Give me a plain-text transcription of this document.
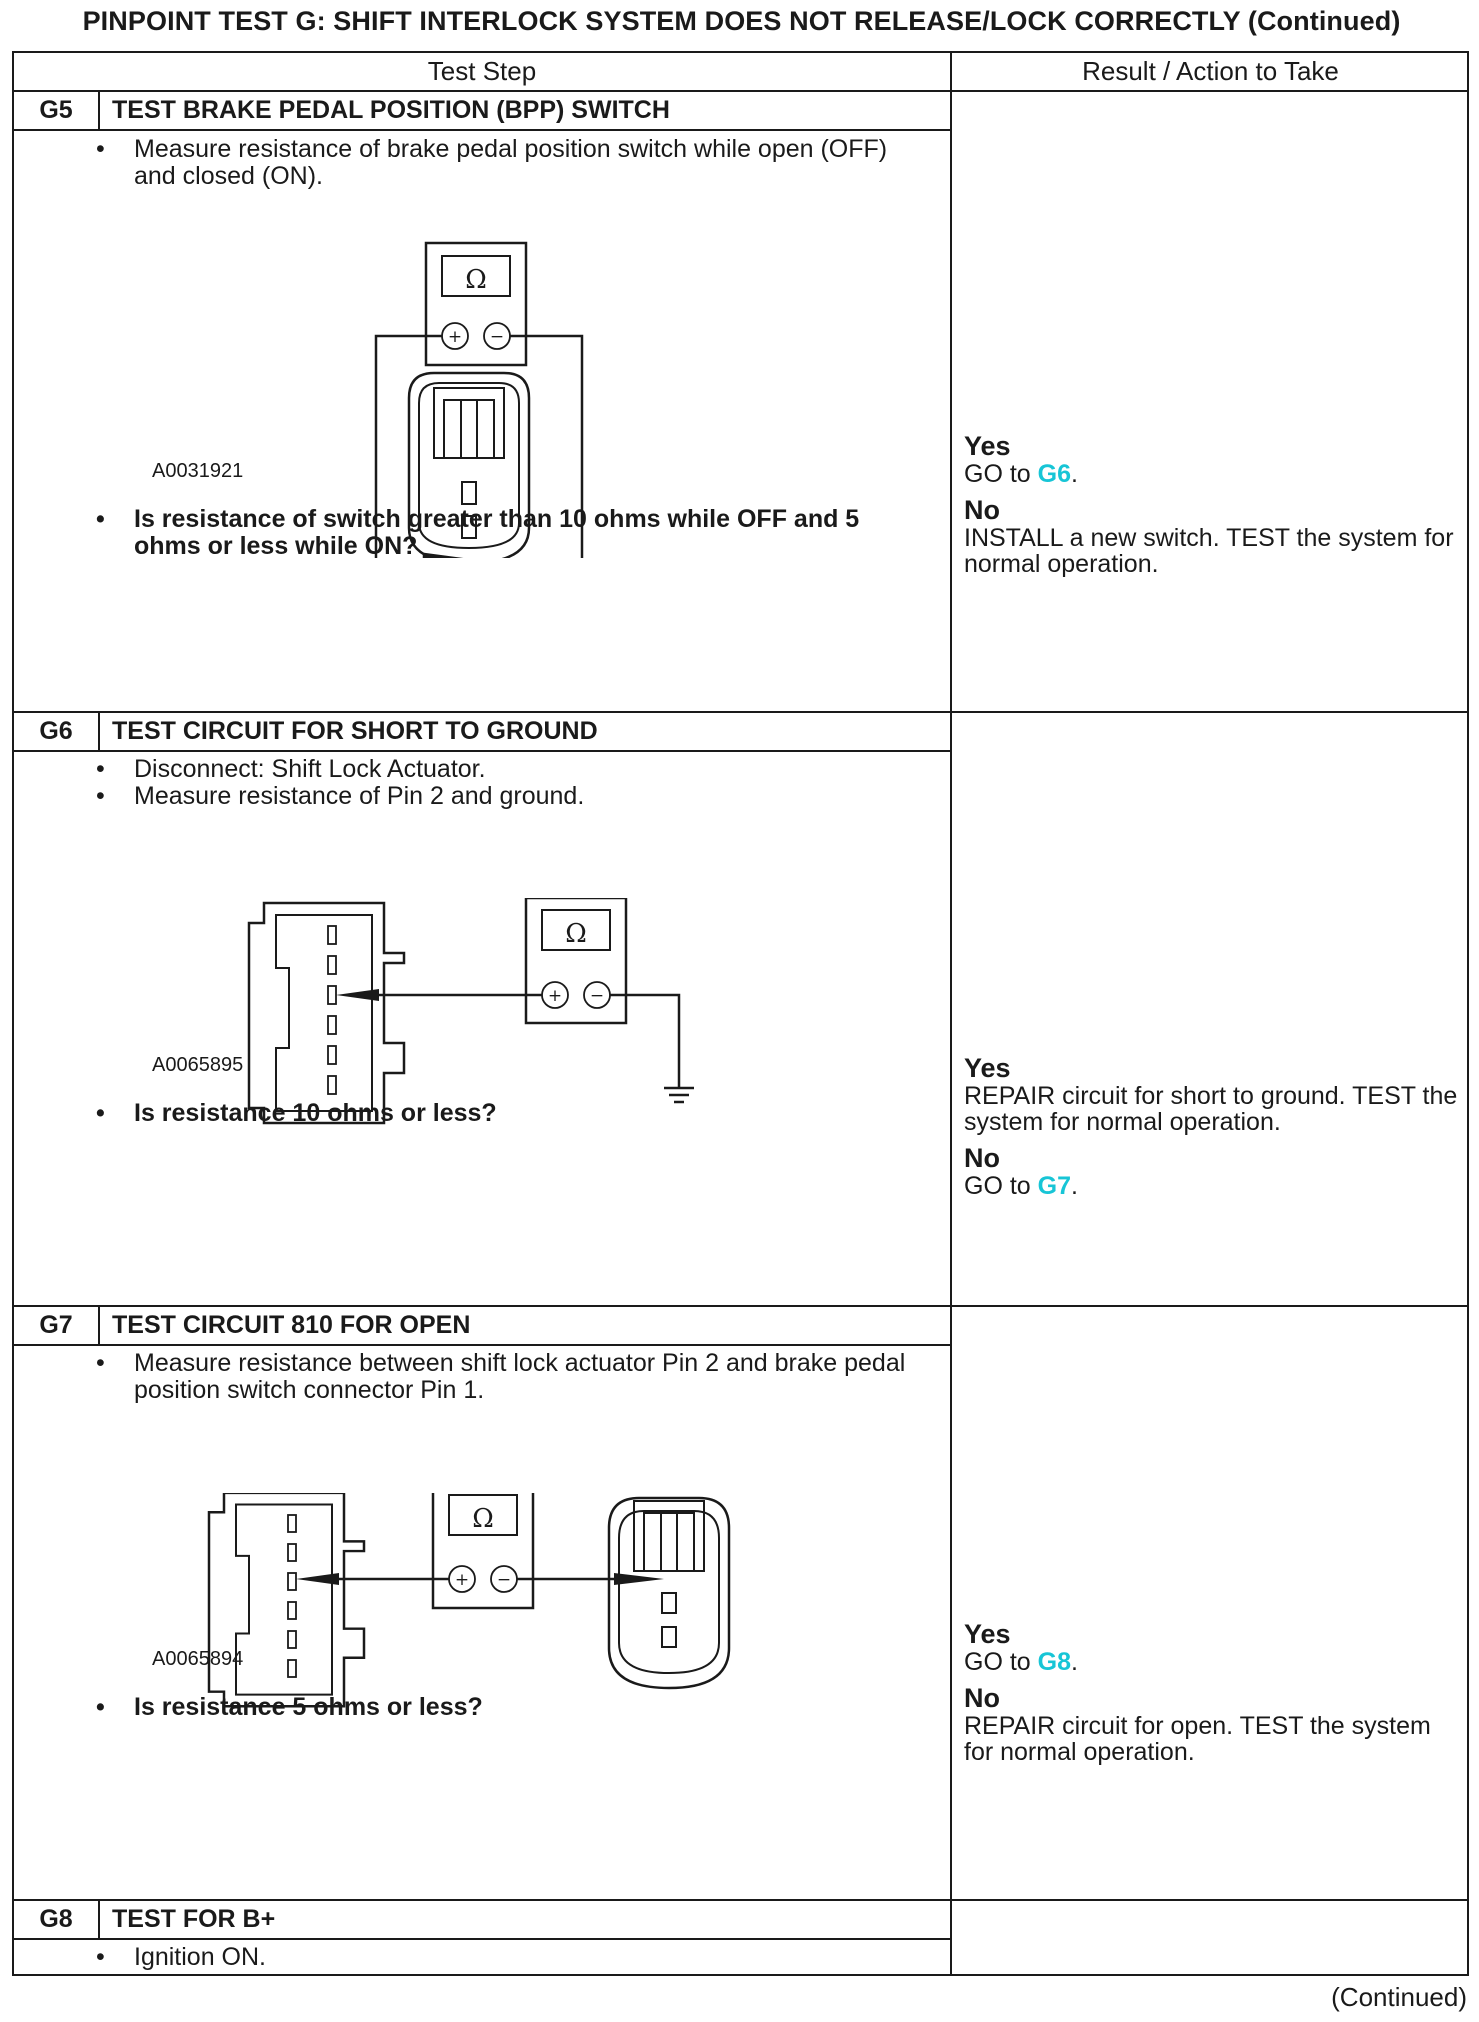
PINPOINT TEST G: SHIFT INTERLOCK SYSTEM DOES NOT RELEASE/LOCK CORRECTLY (Continued)
Test Step	Result / Action to Take
G5	TEST BRAKE PEDAL POSITION (BPP) SWITCH
• Measure resistance of brake pedal position switch while open (OFF) and closed (ON).
Ω
+ −
A0031921
• Is resistance of switch greater than 10 ohms while OFF and 5 ohms or less while ON?
Yes
GO to G6.
No
INSTALL a new switch. TEST the system for normal operation.
G6	TEST CIRCUIT FOR SHORT TO GROUND
• Disconnect: Shift Lock Actuator.
• Measure resistance of Pin 2 and ground.
Ω
+ −
A0065895
• Is resistance 10 ohms or less?
Yes
REPAIR circuit for short to ground. TEST the system for normal operation.
No
GO to G7.
G7	TEST CIRCUIT 810 FOR OPEN
• Measure resistance between shift lock actuator Pin 2 and brake pedal position switch connector Pin 1.
Ω
+ −
A0065894
• Is resistance 5 ohms or less?
Yes
GO to G8.
No
REPAIR circuit for open. TEST the system for normal operation.
G8	TEST FOR B+
• Ignition ON.
(Continued)
